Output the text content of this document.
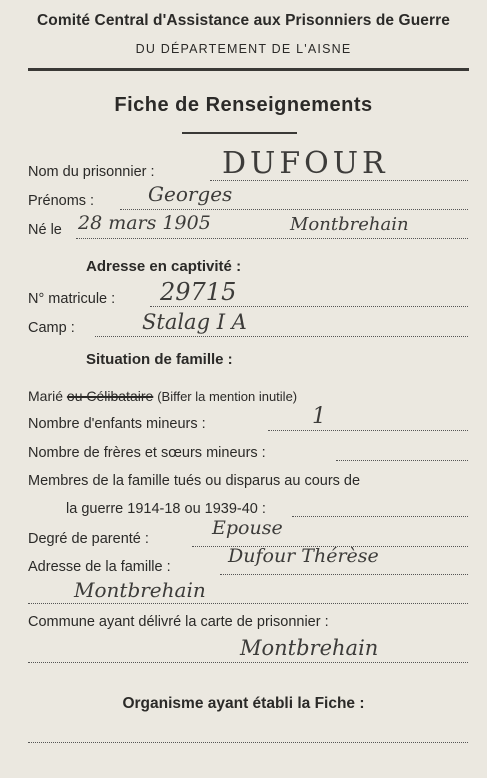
Comité Central d'Assistance aux Prisonniers de Guerre
DU DÉPARTEMENT DE L'AISNE
Fiche de Renseignements
Nom du prisonnier : DUFOUR
Prénoms :	Georges
Né le 28 mars 1905	Montbrehain
Adresse en captivité :
N° matricule : 29715
Camp :	Stalag I A
Situation de famille :
Marié ou Célibataire (Biffer la mention inutile)
Nombre d'enfants mineurs :	1
Nombre de frères et sœurs mineurs :
Membres de la famille tués ou disparus au cours de
la guerre 1914-18 ou 1939-40 :
Degré de parenté :	Epouse
Adresse de la famille :	Dufour Thérèse
Montbrehain
Commune ayant délivré la carte de prisonnier :
Montbrehain
Organisme ayant établi la Fiche :
